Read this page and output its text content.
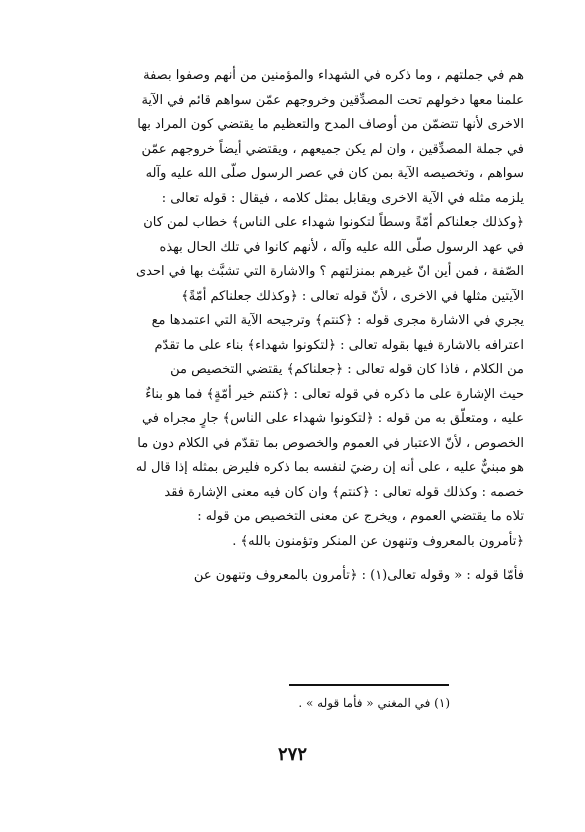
هم في جملتهم ، وما ذكره في الشهداء والمؤمنين من أنهم وصفوا بصفة
علمنا معها دخولهم تحت المصدِّقين وخروجهم عمّن سواهم قائم في الآية
الاخرى لأنها تتضمّن من أوصاف المدح والتعظيم ما يقتضي كون المراد بها
في جملة المصدِّقين ، وان لم يكن جميعهم ، ويقتضي أيضاً خروجهم عمّن
سواهم ، وتخصيصه الآية بمن كان في عصر الرسول صلّى الله عليه وآله
يلزمه مثله في الآية الاخرى ويقابل بمثل كلامه ، فيقال : قوله تعالى :
﴿وكذلك جعلناكم أمّةً وسطاً لتكونوا شهداء على الناس﴾ خطاب لمن كان
في عهد الرسول صلّى الله عليه وآله ، لأنهم كانوا في تلك الحال بهذه
الصّفة ، فمن أين انّ غيرهم بمنزلتهم ؟ والاشارة التي تشبَّث بها في احدى
الآيتين مثلها في الاخرى ، لأنّ قوله تعالى : ﴿وكذلك جعلناكم أمّةً﴾
يجري في الاشارة مجرى قوله : ﴿كنتم﴾ وترجيحه الآية التي اعتمدها مع
اعترافه بالاشارة فيها بقوله تعالى : ﴿لتكونوا شهداء﴾ بناء على ما تقدّم
من الكلام ، فاذا كان قوله تعالى : ﴿جعلناكم﴾ يقتضي التخصيص من
حيث الإشارة على ما ذكره في قوله تعالى : ﴿كنتم خير أمّةٍ﴾ فما هو بناءٌ
عليه ، ومتعلّق به من قوله : ﴿لتكونوا شهداء على الناس﴾ جارٍ مجراه في
الخصوص ، لأنّ الاعتبار في العموم والخصوص بما تقدّم في الكلام دون ما
هو مبنيٌّ عليه ، على أنه إن رضيَ لنفسه بما ذكره فليرض بمثله إذا قال له
خصمه : وكذلك قوله تعالى : ﴿كنتم﴾ وان كان فيه معنى الإشارة فقد
تلاه ما يقتضي العموم ، ويخرج عن معنى التخصيص من قوله :
﴿تأمرون بالمعروف وتنهون عن المنكر وتؤمنون بالله﴾ .
فأمّا قوله : « وقوله تعالى(١) : ﴿تأمرون بالمعروف وتنهون عن
(١) في المغني « فأما قوله » .
٢٧٢
